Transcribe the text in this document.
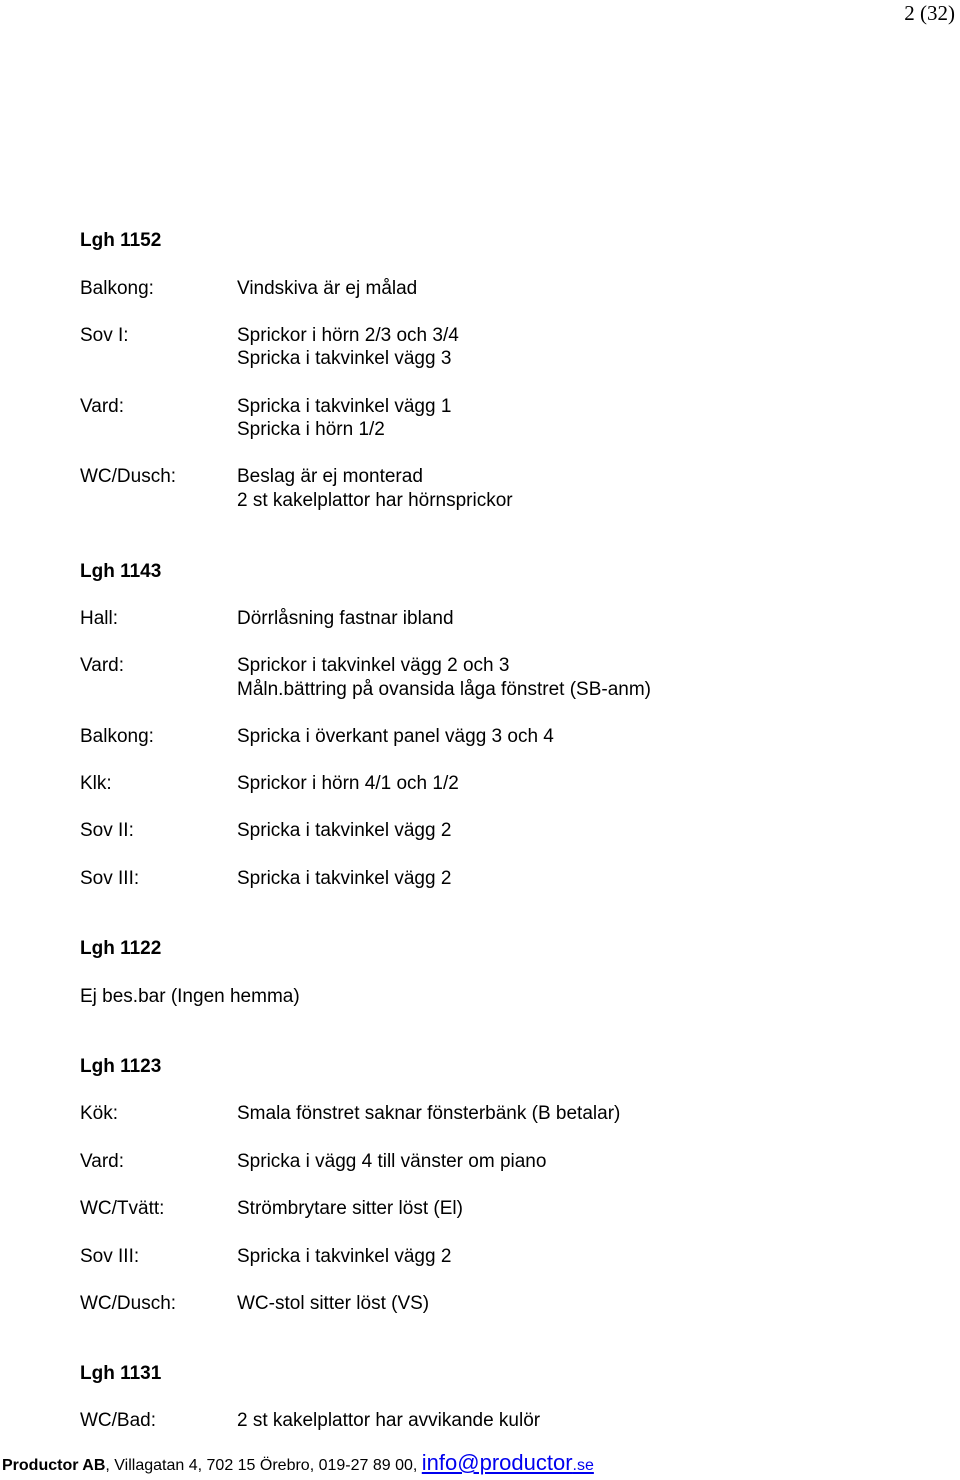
2 (32)
Lgh 1152
Balkong:	Vindskiva är ej målad
Sov I:	Sprickor i hörn 2/3 och 3/4
Spricka i takvinkel vägg 3
Vard:	Spricka i takvinkel vägg 1
Spricka i hörn 1/2
WC/Dusch:	Beslag är ej monterad
2 st kakelplattor har hörnsprickor
Lgh 1143
Hall:	Dörrlåsning fastnar ibland
Vard:	Sprickor i takvinkel vägg 2 och 3
Måln.bättring på ovansida låga fönstret (SB-anm)
Balkong:	Spricka i överkant panel vägg 3 och 4
Klk:	Sprickor i hörn 4/1 och 1/2
Sov II:	Spricka i takvinkel vägg 2
Sov III:	Spricka i takvinkel vägg 2
Lgh 1122
Ej bes.bar (Ingen hemma)
Lgh 1123
Kök:	Smala fönstret saknar fönsterbänk (B betalar)
Vard:	Spricka i vägg 4 till vänster om piano
WC/Tvätt:	Strömbrytare sitter löst (El)
Sov III:	Spricka i takvinkel vägg 2
WC/Dusch:	WC-stol sitter löst (VS)
Lgh 1131
WC/Bad:	2 st kakelplattor har avvikande kulör
Productor AB, Villagatan 4, 702 15 Örebro, 019-27 89 00, info@productor.se
